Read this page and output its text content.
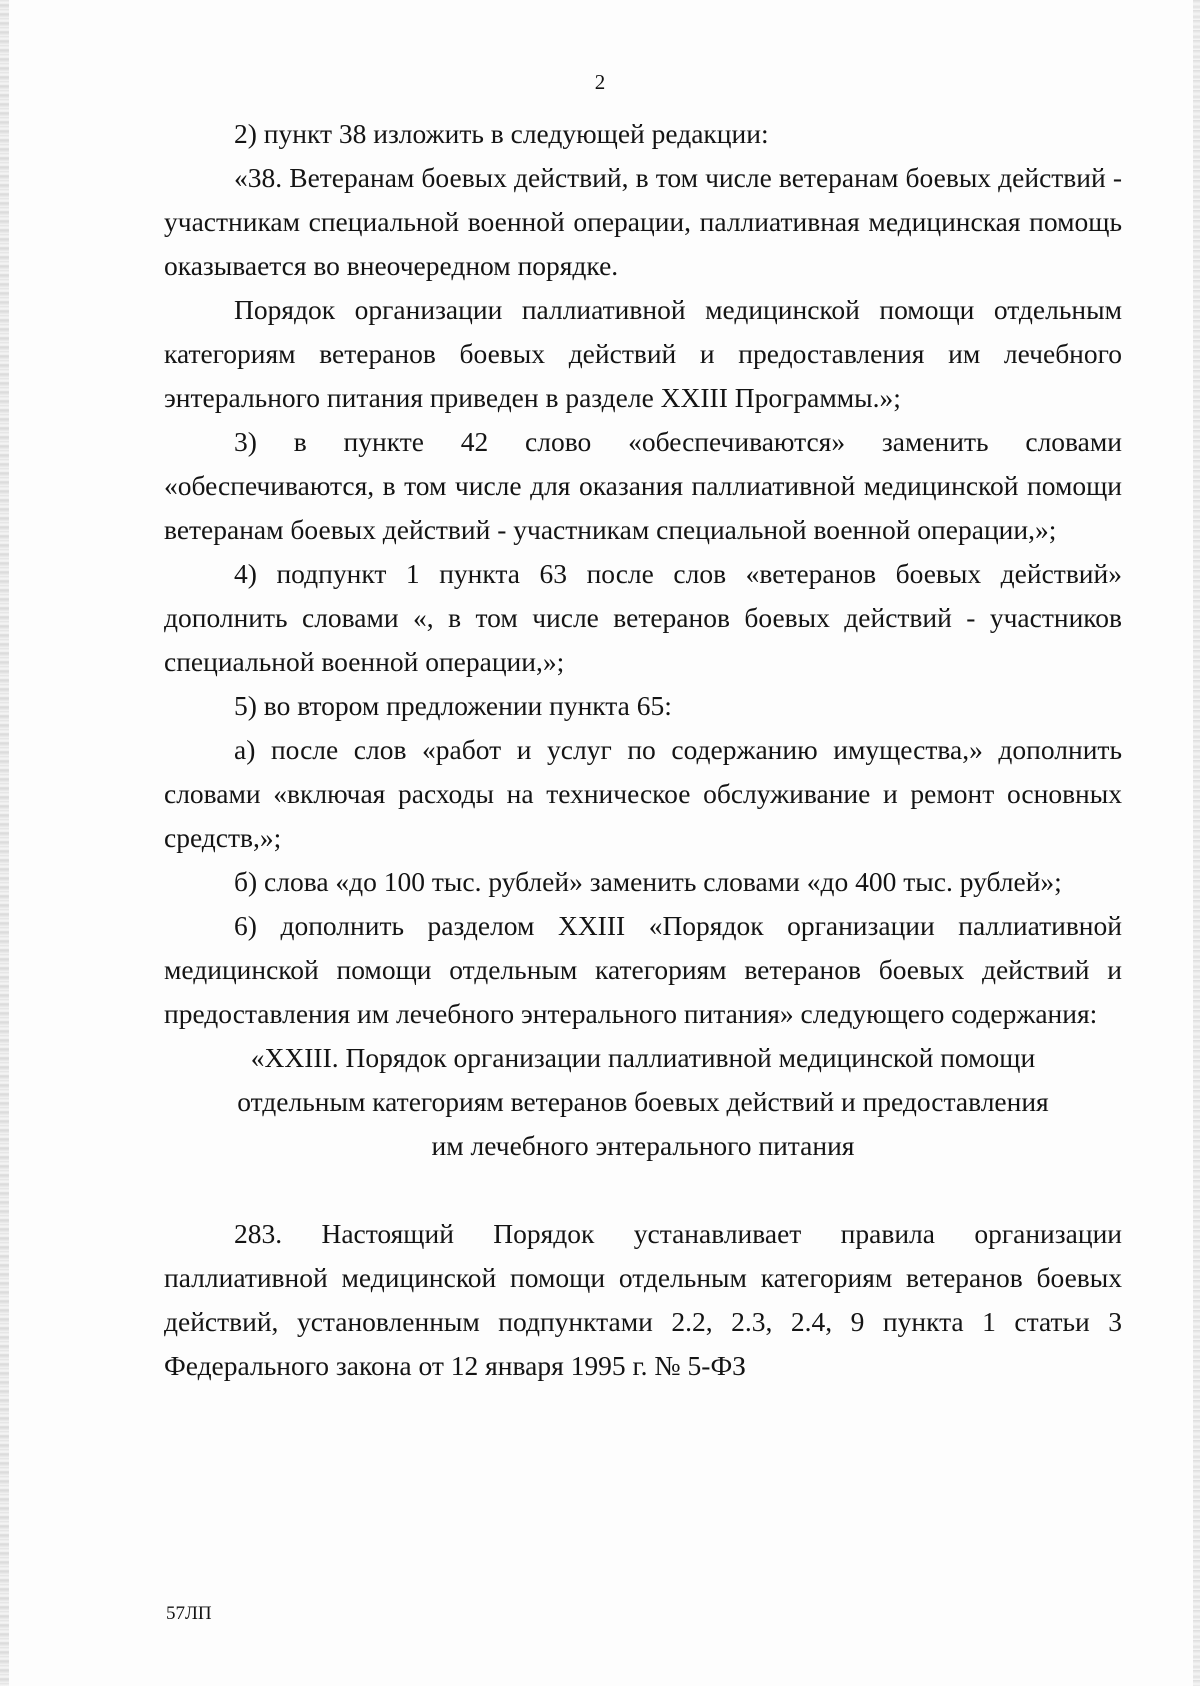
2

2) пункт 38 изложить в следующей редакции:

«38. Ветеранам боевых действий, в том числе ветеранам боевых действий - участникам специальной военной операции, паллиативная медицинская помощь оказывается во внеочередном порядке.

Порядок организации паллиативной медицинской помощи отдельным категориям ветеранов боевых действий и предоставления им лечебного энтерального питания приведен в разделе XXIII Программы.»;

3) в пункте 42 слово «обеспечиваются» заменить словами «обеспечиваются, в том числе для оказания паллиативной медицинской помощи ветеранам боевых действий - участникам специальной военной операции,»;

4) подпункт 1 пункта 63 после слов «ветеранов боевых действий» дополнить словами «, в том числе ветеранов боевых действий - участников специальной военной операции,»;

5) во втором предложении пункта 65:

а) после слов «работ и услуг по содержанию имущества,» дополнить словами «включая расходы на техническое обслуживание и ремонт основных средств,»;

б) слова «до 100 тыс. рублей» заменить словами «до 400 тыс. рублей»;

6) дополнить разделом XXIII «Порядок организации паллиативной медицинской помощи отдельным категориям ветеранов боевых действий и предоставления им лечебного энтерального питания» следующего содержания:

«XXIII. Порядок организации паллиативной медицинской помощи

отдельным категориям ветеранов боевых действий и предоставления

им лечебного энтерального питания

283. Настоящий Порядок устанавливает правила организации паллиативной медицинской помощи отдельным категориям ветеранов боевых действий, установленным подпунктами 2.2, 2.3, 2.4, 9 пункта 1 статьи 3 Федерального закона от 12 января 1995 г. № 5-ФЗ

57ЛП
